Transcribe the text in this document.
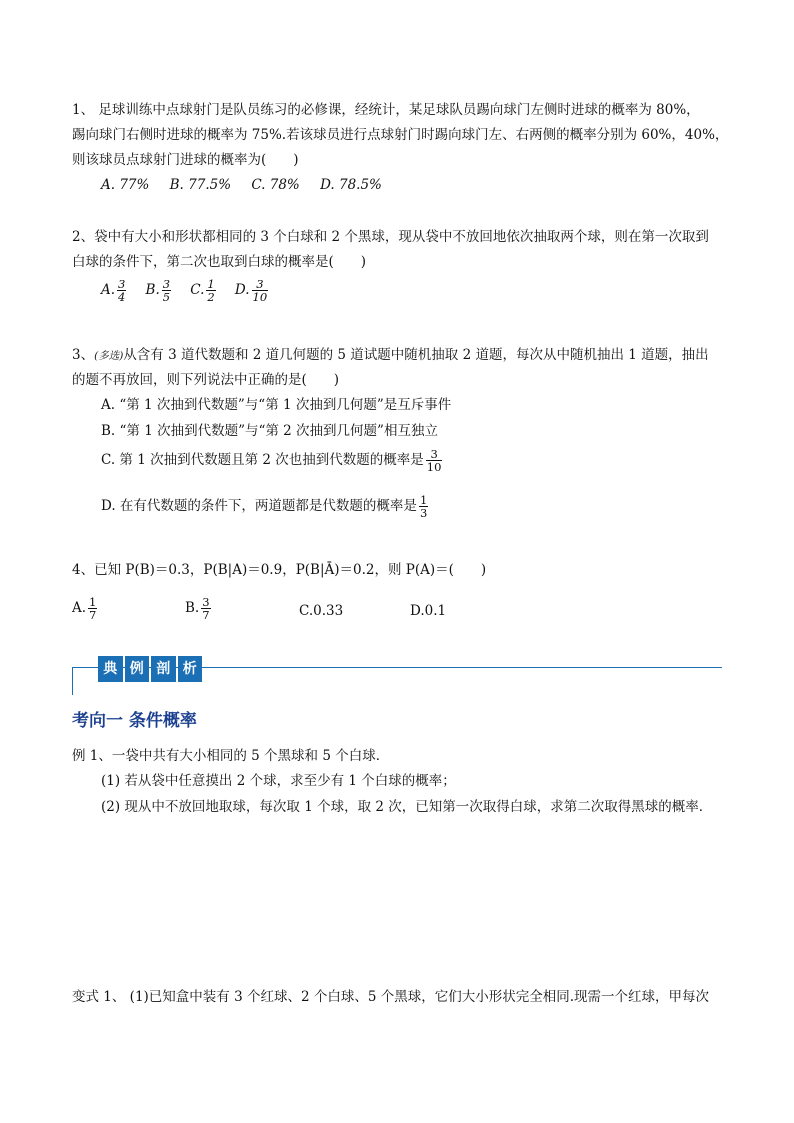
1、 足球训练中点球射门是队员练习的必修课，经统计，某足球队员踢向球门左侧时进球的概率为 80%，
踢向球门右侧时进球的概率为 75%.若该球员进行点球射门时踢向球门左、右两侧的概率分别为 60%，40%，
则该球员点球射门进球的概率为(　　)
A. 77% B. 77.5% C. 78% D. 78.5%
2、袋中有大小和形状都相同的 3 个白球和 2 个黑球，现从袋中不放回地依次抽取两个球，则在第一次取到
白球的条件下，第二次也取到白球的概率是(　　)
A. $\frac{3}{4} B$. $\frac{3}{5} C$. $\frac{1}{2} D$. $\frac{3}{10}$
3、(多选)从含有 3 道代数题和 2 道几何题的 5 道试题中随机抽取 2 道题，每次从中随机抽出 1 道题，抽出
的题不再放回，则下列说法中正确的是(　　)
A. “第 1 次抽到代数题”与“第 1 次抽到几何题”是互斥事件
B. “第 1 次抽到代数题”与“第 2 次抽到几何题”相互独立
C. 第 1 次抽到代数题且第 2 次也抽到代数题的概率是 $\frac{3}{10}$
D. 在有代数题的条件下，两道题都是代数题的概率是 $\frac{1}{3}$
4、已知 P(B)＝0.3，P(B|A)＝0.9，P(B|Ā)＝0.2，则 P(A)＝(　　)
A. $\frac{1}{7}$	B. $\frac{3}{7}$	C.0.33	D.0.1
典 例 剖 析
考向一 条件概率
例 1、一袋中共有大小相同的 5 个黑球和 5 个白球．
(1) 若从袋中任意摸出 2 个球，求至少有 1 个白球的概率；
(2) 现从中不放回地取球，每次取 1 个球，取 2 次，已知第一次取得白球，求第二次取得黑球的概率．
变式 1、 (1)已知盒中装有 3 个红球、2 个白球、5 个黑球，它们大小形状完全相同.现需一个红球，甲每次
